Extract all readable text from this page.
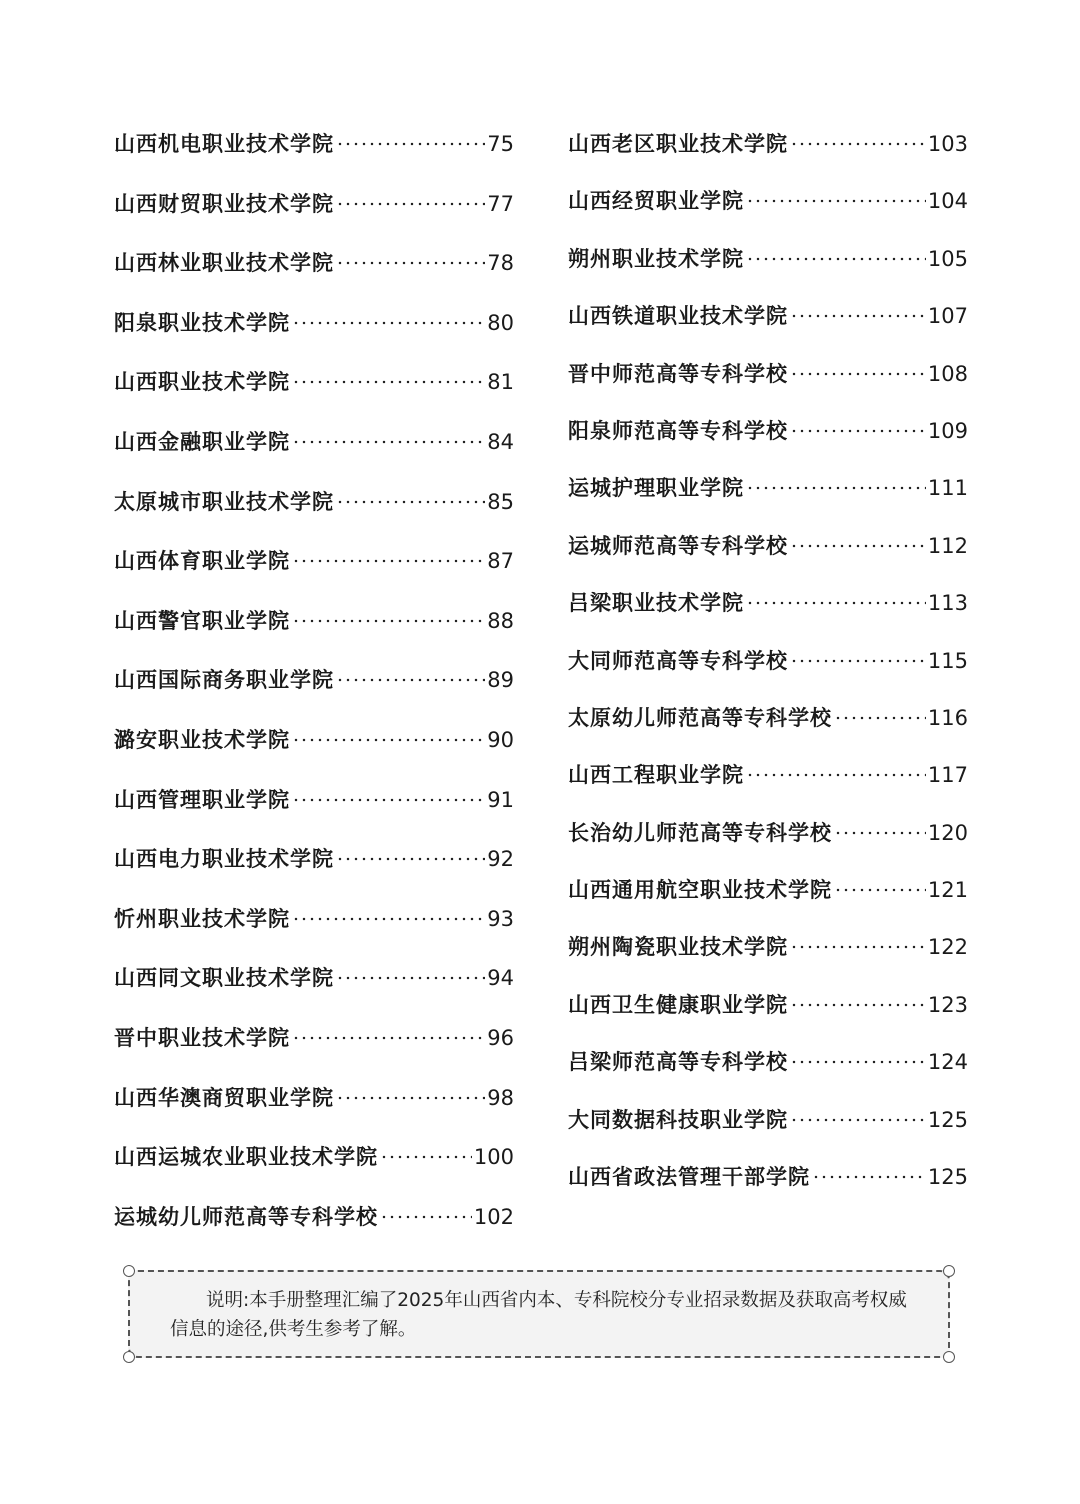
山西机电职业技术学院	75
山西财贸职业技术学院	77
山西林业职业技术学院	78
阳泉职业技术学院	80
山西职业技术学院	81
山西金融职业学院	84
太原城市职业技术学院	85
山西体育职业学院	87
山西警官职业学院	88
山西国际商务职业学院	89
潞安职业技术学院	90
山西管理职业学院	91
山西电力职业技术学院	92
忻州职业技术学院	93
山西同文职业技术学院	94
晋中职业技术学院	96
山西华澳商贸职业学院	98
山西运城农业职业技术学院	100
运城幼儿师范高等专科学校	102
山西老区职业技术学院	103
山西经贸职业学院	104
朔州职业技术学院	105
山西铁道职业技术学院	107
晋中师范高等专科学校	108
阳泉师范高等专科学校	109
运城护理职业学院	111
运城师范高等专科学校	112
吕梁职业技术学院	113
大同师范高等专科学校	115
太原幼儿师范高等专科学校	116
山西工程职业学院	117
长治幼儿师范高等专科学校	120
山西通用航空职业技术学院	121
朔州陶瓷职业技术学院	122
山西卫生健康职业学院	123
吕梁师范高等专科学校	124
大同数据科技职业学院	125
山西省政法管理干部学院	125

说明:本手册整理汇编了2025年山西省内本、专科院校分专业招录数据及获取高考权威信息的途径,供考生参考了解。
